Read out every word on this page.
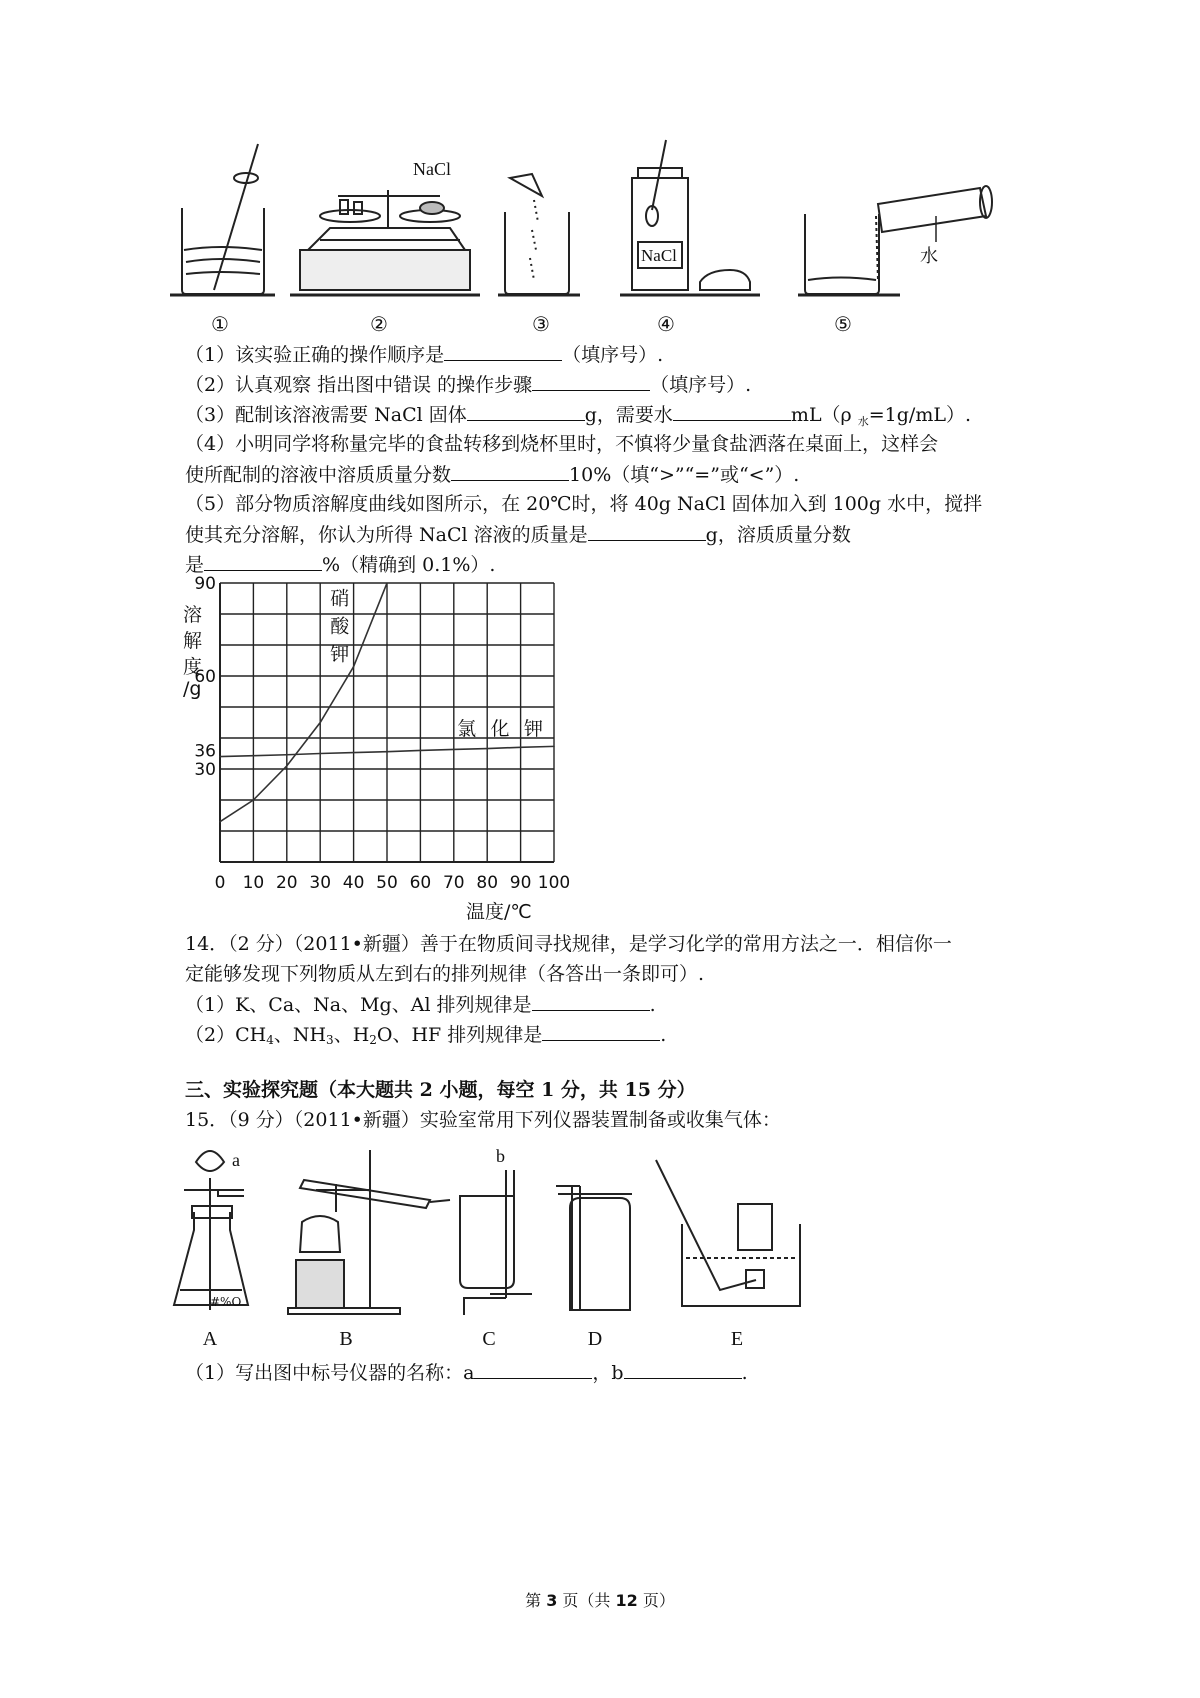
NaCl
NaCl	水
①	②	③	④	⑤
（1）该实验正确的操作顺序是	（填序号）.
（2）认真观察 指出图中错误 的操作步骤	（填序号）.
（3）配制该溶液需要 NaCl 固体	g，需要水	mL（ρ $_水$=1g/mL）.
（4）小明同学将称量完毕的食盐转移到烧杯里时，不慎将少量食盐洒落在桌面上，这样会
使所配制的溶液中溶质质量分数	10%（填“>”“=”或“<”）.
（5）部分物质溶解度曲线如图所示，在 20℃时，将 40g NaCl 固体加入到 100g 水中，搅拌
使其充分溶解，你认为所得 NaCl 溶液的质量是	g，溶质质量分数
是	%（精确到 0.1%）.
溶
解
度
/g
90
60
36
30
0 10 20 30 40 50 60 70 80 90 100
硝
酸
钾
氯 化 钾
温度/℃
14．（2 分）（2011•新疆）善于在物质间寻找规律，是学习化学的常用方法之一．相信你一
定能够发现下列物质从左到右的排列规律（各答出一条即可）.
（1）K、Ca、Na、Mg、Al 排列规律是	.
$(2)CH_4$、$NH_3$、$H_2O$、HF 排列规律是	.
三、实验探究题（本大题共 2 小题，每空 1 分，共 15 分）
15．（9 分）（2011•新疆）实验室常用下列仪器装置制备或收集气体：
#%O
a	b
A	B	C	D	E
（1）写出图中标号仪器的名称：a	，b	.
第 3 页（共 12 页）
